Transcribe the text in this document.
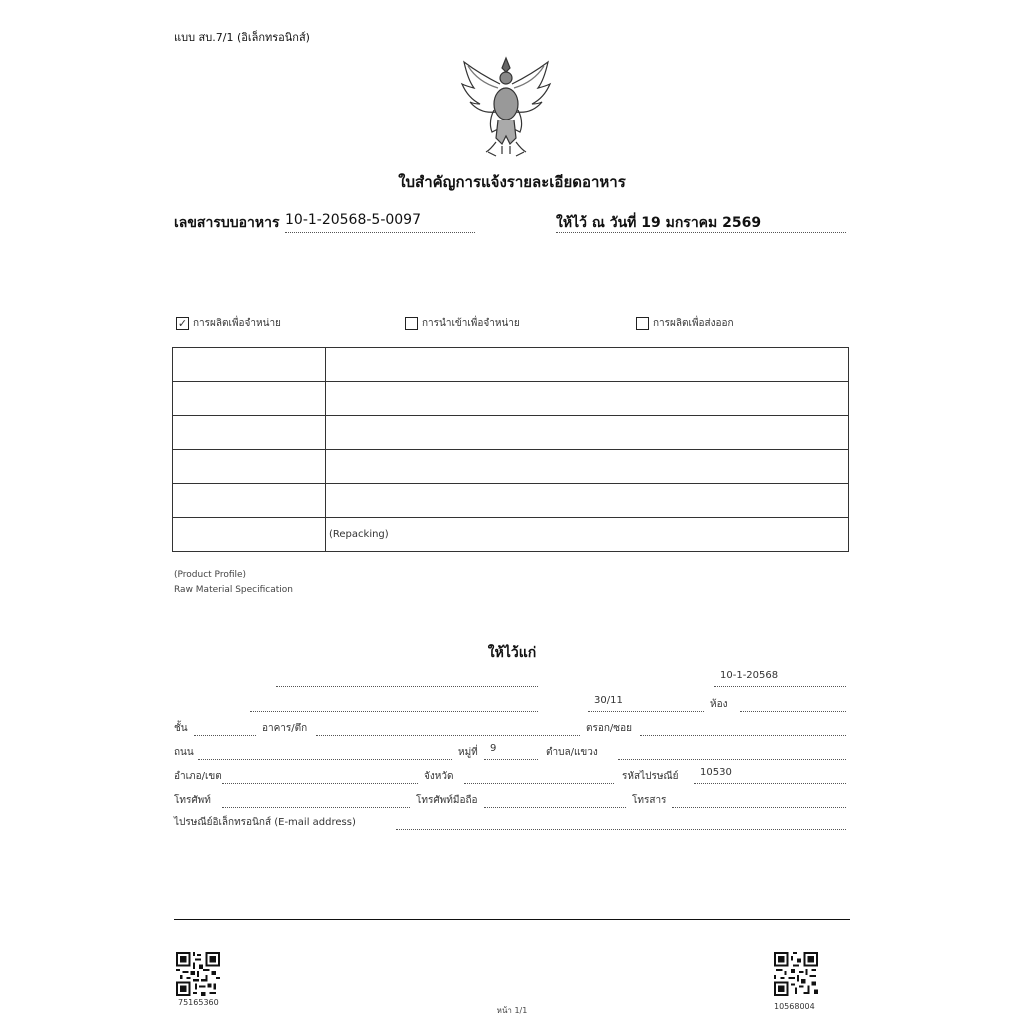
แบบ สบ.7/1 (อิเล็กทรอนิกส์)
ใบสำคัญการแจ้งรายละเอียดอาหาร
เลขสารบบอาหาร 10-1-20568-5-0097	ให้ไว้ ณ วันที่ 19 มกราคม 2569
✓ การผลิตเพื่อจำหน่าย	การนำเข้าเพื่อจำหน่าย	การผลิตเพื่อส่งออก

	(Repacking)
(Product Profile)
Raw Material Specification
ให้ไว้แก่
10-1-20568
30/11	ห้อง
ชั้น	อาคาร/ตึก	ตรอก/ซอย
ถนน	หมู่ที่ 9	ตำบล/แขวง
อำเภอ/เขต	จังหวัด	รหัสไปรษณีย์ 10530
โทรศัพท์	โทรศัพท์มือถือ	โทรสาร
ไปรษณีย์อิเล็กทรอนิกส์ (E-mail address)
75165360	10568004
หน้า 1/1
